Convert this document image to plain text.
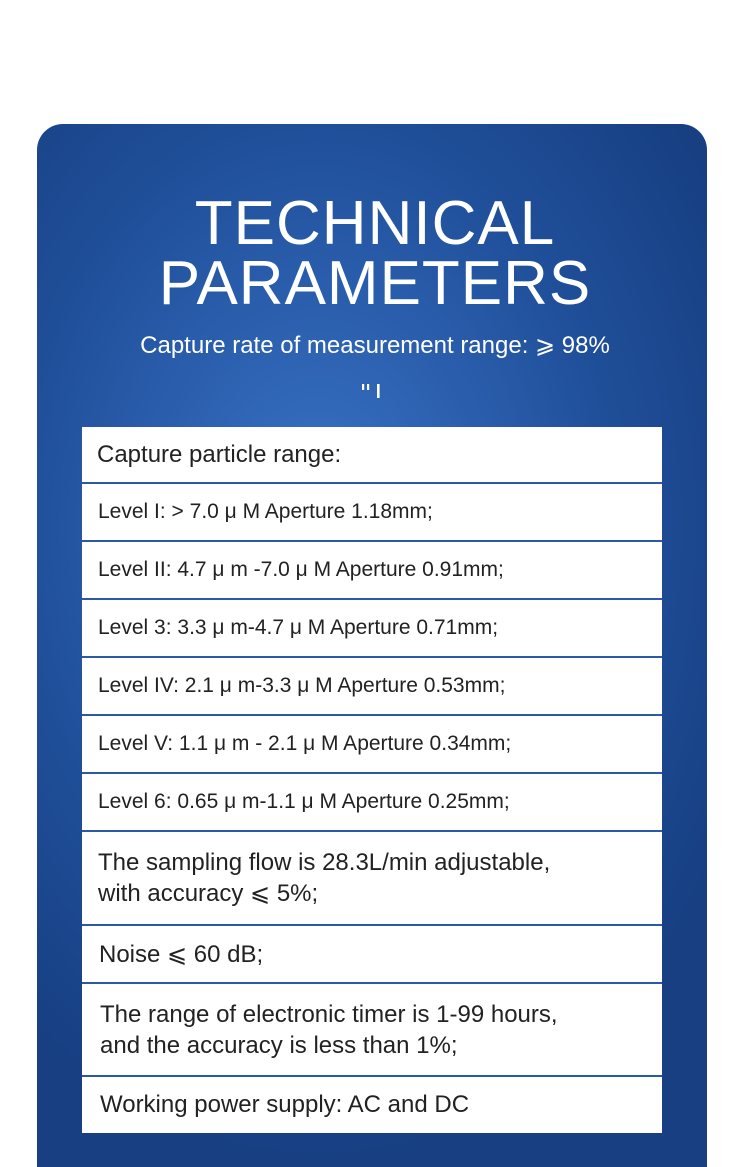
TECHNICAL
PARAMETERS
Capture rate of measurement range: ⩾ 98%
Capture particle range:
Level I: > 7.0 μ M Aperture 1.18mm;
Level II: 4.7 μ m -7.0 μ M Aperture 0.91mm;
Level 3: 3.3 μ m-4.7 μ M Aperture 0.71mm;
Level IV: 2.1 μ m-3.3 μ M Aperture 0.53mm;
Level V: 1.1 μ m - 2.1 μ M Aperture 0.34mm;
Level 6: 0.65 μ m-1.1 μ M Aperture 0.25mm;
The sampling flow is 28.3L/min adjustable,
with accuracy ⩽ 5%;
Noise ⩽ 60 dB;
The range of electronic timer is 1-99 hours,
and the accuracy is less than 1%;
Working power supply: AC and DC
